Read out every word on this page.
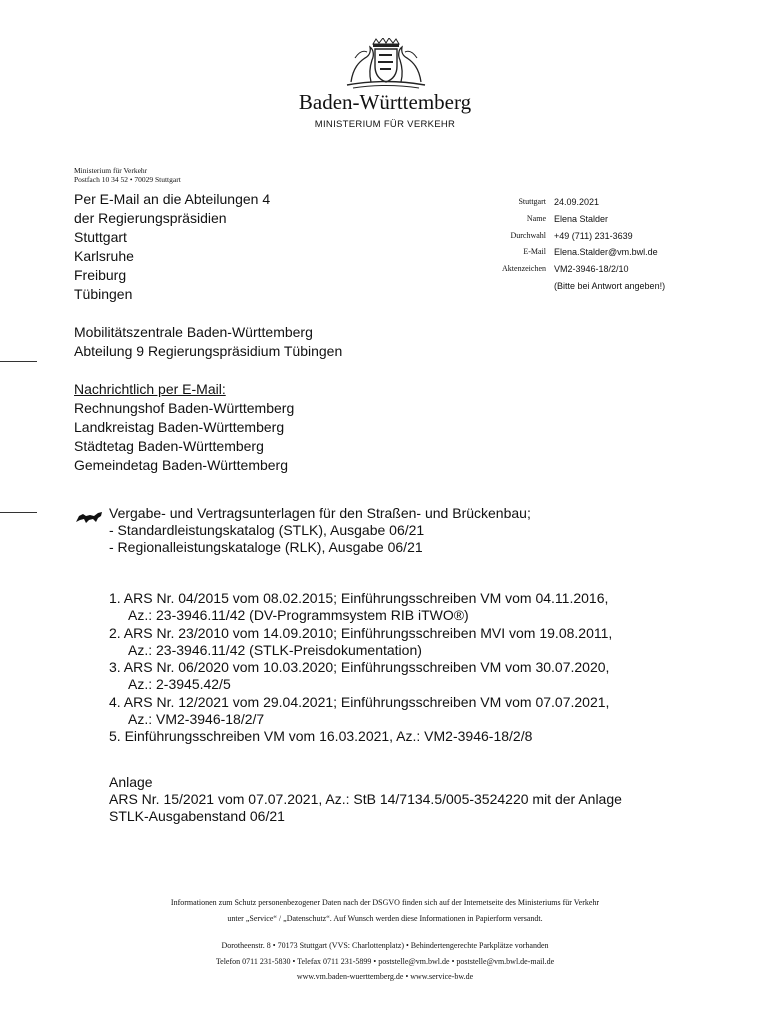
Baden-Württemberg
MINISTERIUM FÜR VERKEHR
Ministerium für Verkehr
Postfach 10 34 52 • 70029 Stuttgart
Per E-Mail an die Abteilungen 4
der Regierungspräsidien
Stuttgart
Karlsruhe
Freiburg
Tübingen
Mobilitätszentrale Baden-Württemberg
Abteilung 9 Regierungspräsidium Tübingen
Nachrichtlich per E-Mail:
Rechnungshof Baden-Württemberg
Landkreistag Baden-Württemberg
Städtetag Baden-Württemberg
Gemeindetag Baden-Württemberg
Stuttgart 24.09.2021
Name Elena Stalder
Durchwahl +49 (711) 231-3639
E-Mail Elena.Stalder@vm.bwl.de
Aktenzeichen VM2-3946-18/2/10
(Bitte bei Antwort angeben!)
Vergabe- und Vertragsunterlagen für den Straßen- und Brückenbau;
- Standardleistungskatalog (STLK), Ausgabe 06/21
- Regionalleistungskataloge (RLK), Ausgabe 06/21
1. ARS Nr. 04/2015 vom 08.02.2015; Einführungsschreiben VM vom 04.11.2016,
Az.: 23-3946.11/42 (DV-Programmsystem RIB iTWO®)
2. ARS Nr. 23/2010 vom 14.09.2010; Einführungsschreiben MVI vom 19.08.2011,
Az.: 23-3946.11/42 (STLK-Preisdokumentation)
3. ARS Nr. 06/2020 vom 10.03.2020; Einführungsschreiben VM vom 30.07.2020,
Az.: 2-3945.42/5
4. ARS Nr. 12/2021 vom 29.04.2021; Einführungsschreiben VM vom 07.07.2021,
Az.: VM2-3946-18/2/7
5. Einführungsschreiben VM vom 16.03.2021, Az.: VM2-3946-18/2/8
Anlage
ARS Nr. 15/2021 vom 07.07.2021, Az.: StB 14/7134.5/005-3524220 mit der Anlage
STLK-Ausgabenstand 06/21
Informationen zum Schutz personenbezogener Daten nach der DSGVO finden sich auf der Internetseite des Ministeriums für Verkehr
unter „Service“ / „Datenschutz“. Auf Wunsch werden diese Informationen in Papierform versandt.
Dorotheenstr. 8 • 70173 Stuttgart (VVS: Charlottenplatz) • Behindertengerechte Parkplätze vorhanden
Telefon 0711 231-5830 • Telefax 0711 231-5899 • poststelle@vm.bwl.de • poststelle@vm.bwl.de-mail.de
www.vm.baden-wuerttemberg.de • www.service-bw.de
